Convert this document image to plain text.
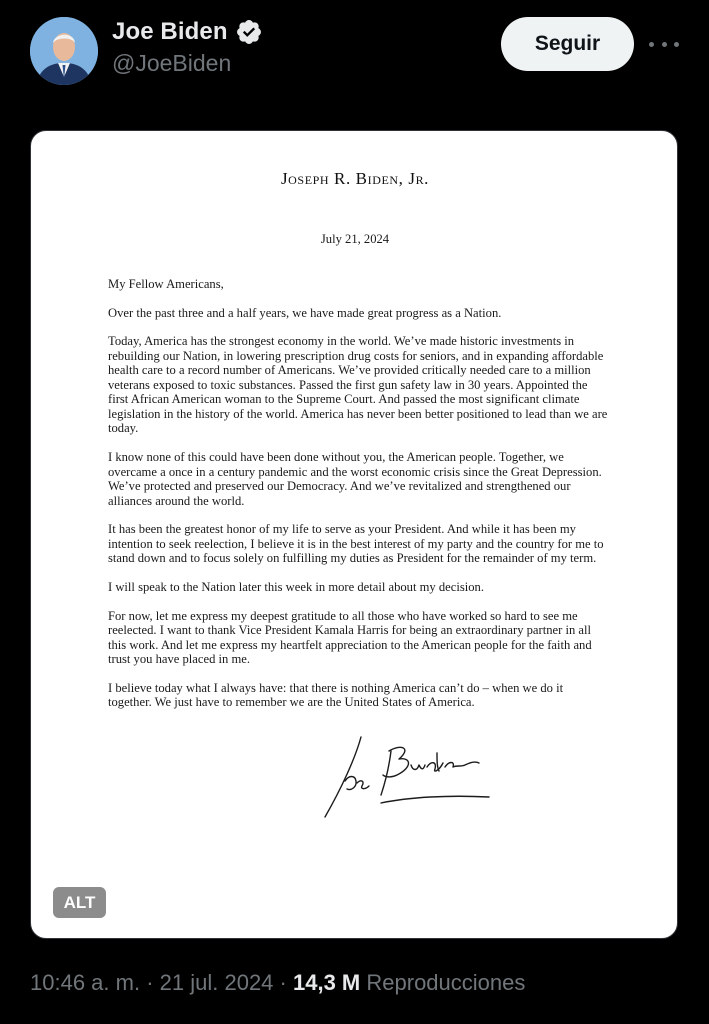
Joe Biden
@JoeBiden
Seguir
Joseph R. Biden, Jr.
July 21, 2024

My Fellow Americans,

Over the past three and a half years, we have made great progress as a Nation.

Today, America has the strongest economy in the world. We’ve made historic investments in rebuilding our Nation, in lowering prescription drug costs for seniors, and in expanding affordable health care to a record number of Americans. We’ve provided critically needed care to a million veterans exposed to toxic substances. Passed the first gun safety law in 30 years. Appointed the first African American woman to the Supreme Court. And passed the most significant climate legislation in the history of the world. America has never been better positioned to lead than we are today.

I know none of this could have been done without you, the American people. Together, we overcame a once in a century pandemic and the worst economic crisis since the Great Depression. We’ve protected and preserved our Democracy. And we’ve revitalized and strengthened our alliances around the world.

It has been the greatest honor of my life to serve as your President. And while it has been my intention to seek reelection, I believe it is in the best interest of my party and the country for me to stand down and to focus solely on fulfilling my duties as President for the remainder of my term.

I will speak to the Nation later this week in more detail about my decision.

For now, let me express my deepest gratitude to all those who have worked so hard to see me reelected. I want to thank Vice President Kamala Harris for being an extraordinary partner in all this work. And let me express my heartfelt appreciation to the American people for the faith and trust you have placed in me.

I believe today what I always have: that there is nothing America can’t do – when we do it together. We just have to remember we are the United States of America.

ALT
10:46 a. m. · 21 jul. 2024 · 14,3 M Reproducciones
